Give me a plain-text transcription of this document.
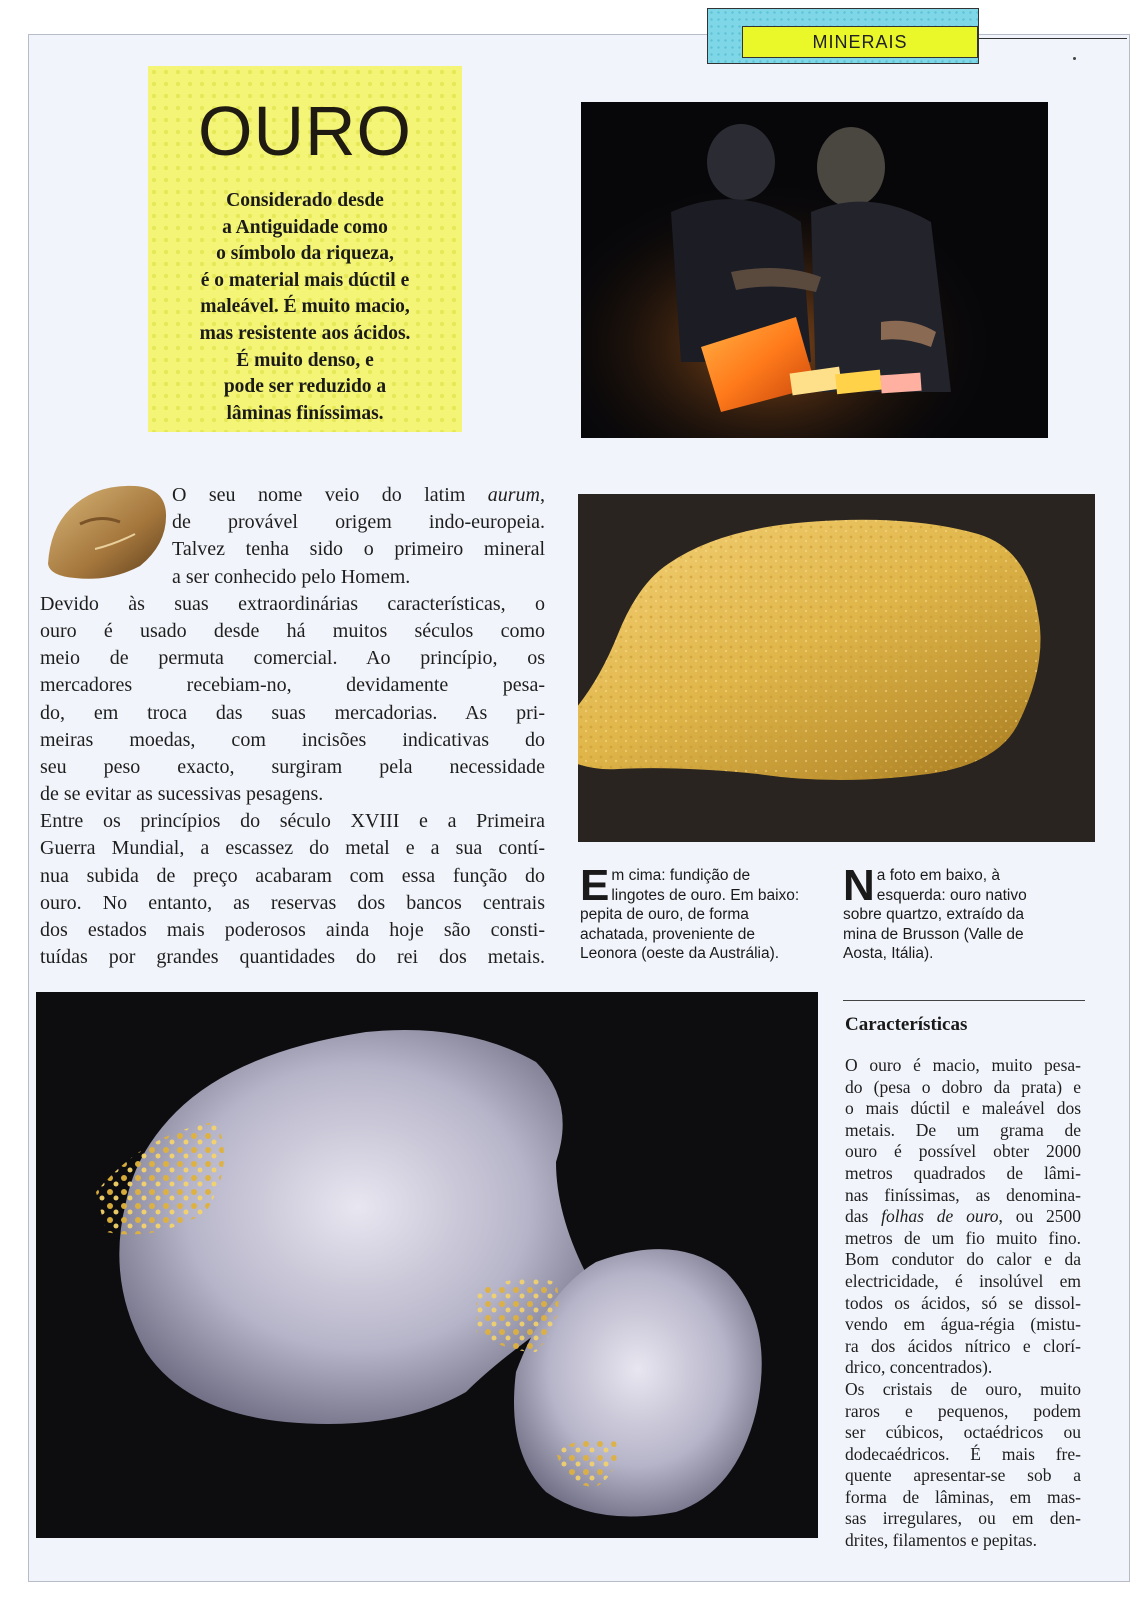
MINERAIS
OURO
Considerado desde
a Antiguidade como
o símbolo da riqueza,
é o material mais dúctil e
maleável. É muito macio,
mas resistente aos ácidos.
É muito denso, e
pode ser reduzido a
lâminas finíssimas.
O seu nome veio do latim aurum,
de provável origem indo-europeia.
Talvez tenha sido o primeiro mineral
a ser conhecido pelo Homem.
Devido às suas extraordinárias características, o
ouro é usado desde há muitos séculos como
meio de permuta comercial. Ao princípio, os
mercadores recebiam-no, devidamente pesa-
do, em troca das suas mercadorias. As pri-
meiras moedas, com incisões indicativas do
seu peso exacto, surgiram pela necessidade
de se evitar as sucessivas pesagens.
Entre os princípios do século XVIII e a Primeira
Guerra Mundial, a escassez do metal e a sua contí-
nua subida de preço acabaram com essa função do
ouro. No entanto, as reservas dos bancos centrais
dos estados mais poderosos ainda hoje são consti-
tuídas por grandes quantidades do rei dos metais.
E m cima: fundição de
lingotes de ouro. Em baixo:
pepita de ouro, de forma
achatada, proveniente de
Leonora (oeste da Austrália).
N a foto em baixo, à
esquerda: ouro nativo
sobre quartzo, extraído da
mina de Brusson (Valle de
Aosta, Itália).
Características
O ouro é macio, muito pesa-
do (pesa o dobro da prata) e
o mais dúctil e maleável dos
metais. De um grama de
ouro é possível obter 2000
metros quadrados de lâmi-
nas finíssimas, as denomina-
das folhas de ouro, ou 2500
metros de um fio muito fino.
Bom condutor do calor e da
electricidade, é insolúvel em
todos os ácidos, só se dissol-
vendo em água-régia (mistu-
ra dos ácidos nítrico e clorí-
drico, concentrados).
Os cristais de ouro, muito
raros e pequenos, podem
ser cúbicos, octaédricos ou
dodecaédricos. É mais fre-
quente apresentar-se sob a
forma de lâminas, em mas-
sas irregulares, ou em den-
drites, filamentos e pepitas.
